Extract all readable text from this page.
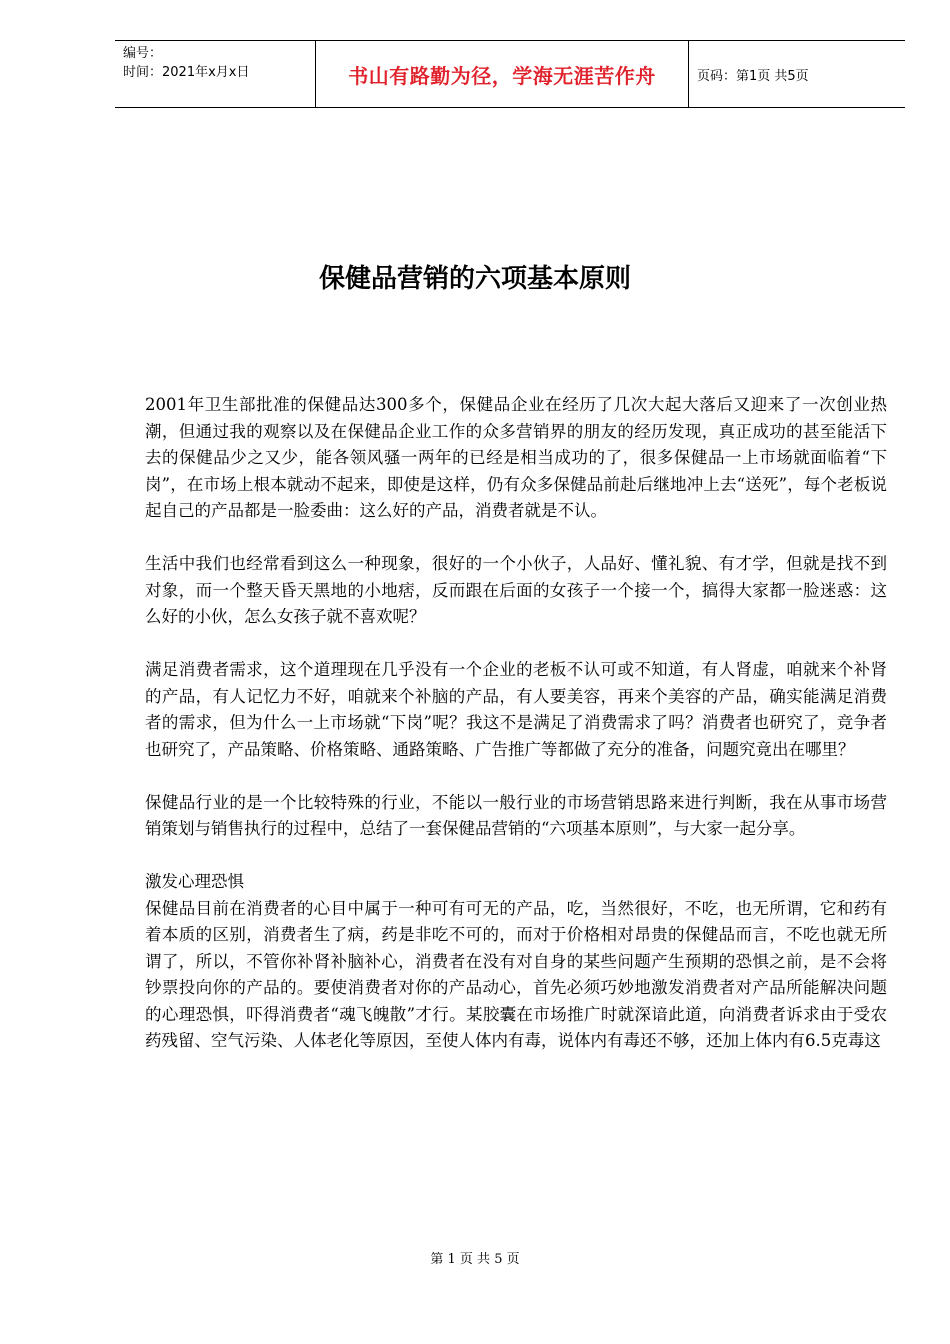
编号：
时间：2021年x月x日	书山有路勤为径，学海无涯苦作舟	页码：第1页 共5页
保健品营销的六项基本原则

2001年卫生部批准的保健品达300多个，保健品企业在经历了几次大起大落后又迎来了一次创业热潮，但通过我的观察以及在保健品企业工作的众多营销界的朋友的经历发现，真正成功的甚至能活下去的保健品少之又少，能各领风骚一两年的已经是相当成功的了，很多保健品一上市场就面临着“下岗”，在市场上根本就动不起来，即使是这样，仍有众多保健品前赴后继地冲上去“送死”，每个老板说起自己的产品都是一脸委曲：这么好的产品，消费者就是不认。

生活中我们也经常看到这么一种现象，很好的一个小伙子，人品好、懂礼貌、有才学，但就是找不到对象，而一个整天昏天黑地的小地痞，反而跟在后面的女孩子一个接一个，搞得大家都一脸迷惑：这么好的小伙，怎么女孩子就不喜欢呢？

满足消费者需求，这个道理现在几乎没有一个企业的老板不认可或不知道，有人肾虚，咱就来个补肾的产品，有人记忆力不好，咱就来个补脑的产品，有人要美容，再来个美容的产品，确实能满足消费者的需求，但为什么一上市场就“下岗”呢？我这不是满足了消费需求了吗？消费者也研究了，竞争者也研究了，产品策略、价格策略、通路策略、广告推广等都做了充分的准备，问题究竟出在哪里？

保健品行业的是一个比较特殊的行业，不能以一般行业的市场营销思路来进行判断，我在从事市场营销策划与销售执行的过程中，总结了一套保健品营销的“六项基本原则”，与大家一起分享。

激发心理恐惧

保健品目前在消费者的心目中属于一种可有可无的产品，吃，当然很好，不吃，也无所谓，它和药有着本质的区别，消费者生了病，药是非吃不可的，而对于价格相对昂贵的保健品而言，不吃也就无所谓了，所以，不管你补肾补脑补心，消费者在没有对自身的某些问题产生预期的恐惧之前，是不会将钞票投向你的产品的。要使消费者对你的产品动心，首先必须巧妙地激发消费者对产品所能解决问题的心理恐惧，吓得消费者“魂飞魄散”才行。某胶囊在市场推广时就深谙此道，向消费者诉求由于受农药残留、空气污染、人体老化等原因，至使人体内有毒，说体内有毒还不够，还加上体内有6.5克毒这

第 1 页 共 5 页
